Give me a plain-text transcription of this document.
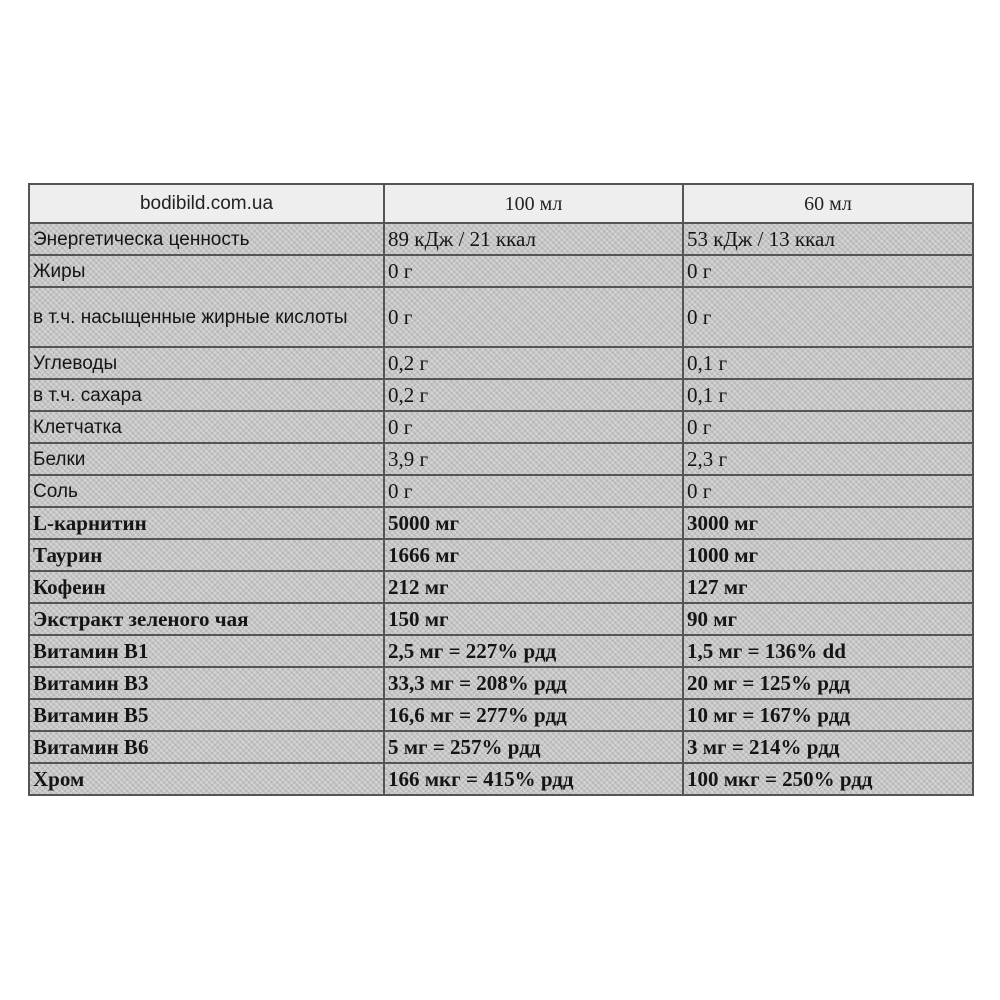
bodibild.com.ua	100 мл	60 мл
Энергетическа ценность	89 кДж / 21 ккал	53 кДж / 13 ккал
Жиры	0 г	0 г
в т.ч. насыщенные жирные кислоты	0 г	0 г
Углеводы	0,2 г	0,1 г
в т.ч. сахара	0,2 г	0,1 г
Клетчатка	0 г	0 г
Белки	3,9 г	2,3 г
Соль	0 г	0 г
L-карнитин	5000 мг	3000 мг
Таурин	1666 мг	1000 мг
Кофеин	212 мг	127 мг
Экстракт зеленого чая	150 мг	90 мг
Витамин В1	2,5 мг = 227% рдд	1,5 мг = 136% dd
Витамин В3	33,3 мг = 208% рдд	20 мг = 125% рдд
Витамин В5	16,6 мг = 277% рдд	10 мг = 167% рдд
Витамин В6	5 мг = 257% рдд	3 мг = 214% рдд
Хром	166 мкг = 415% рдд	100 мкг = 250% рдд
